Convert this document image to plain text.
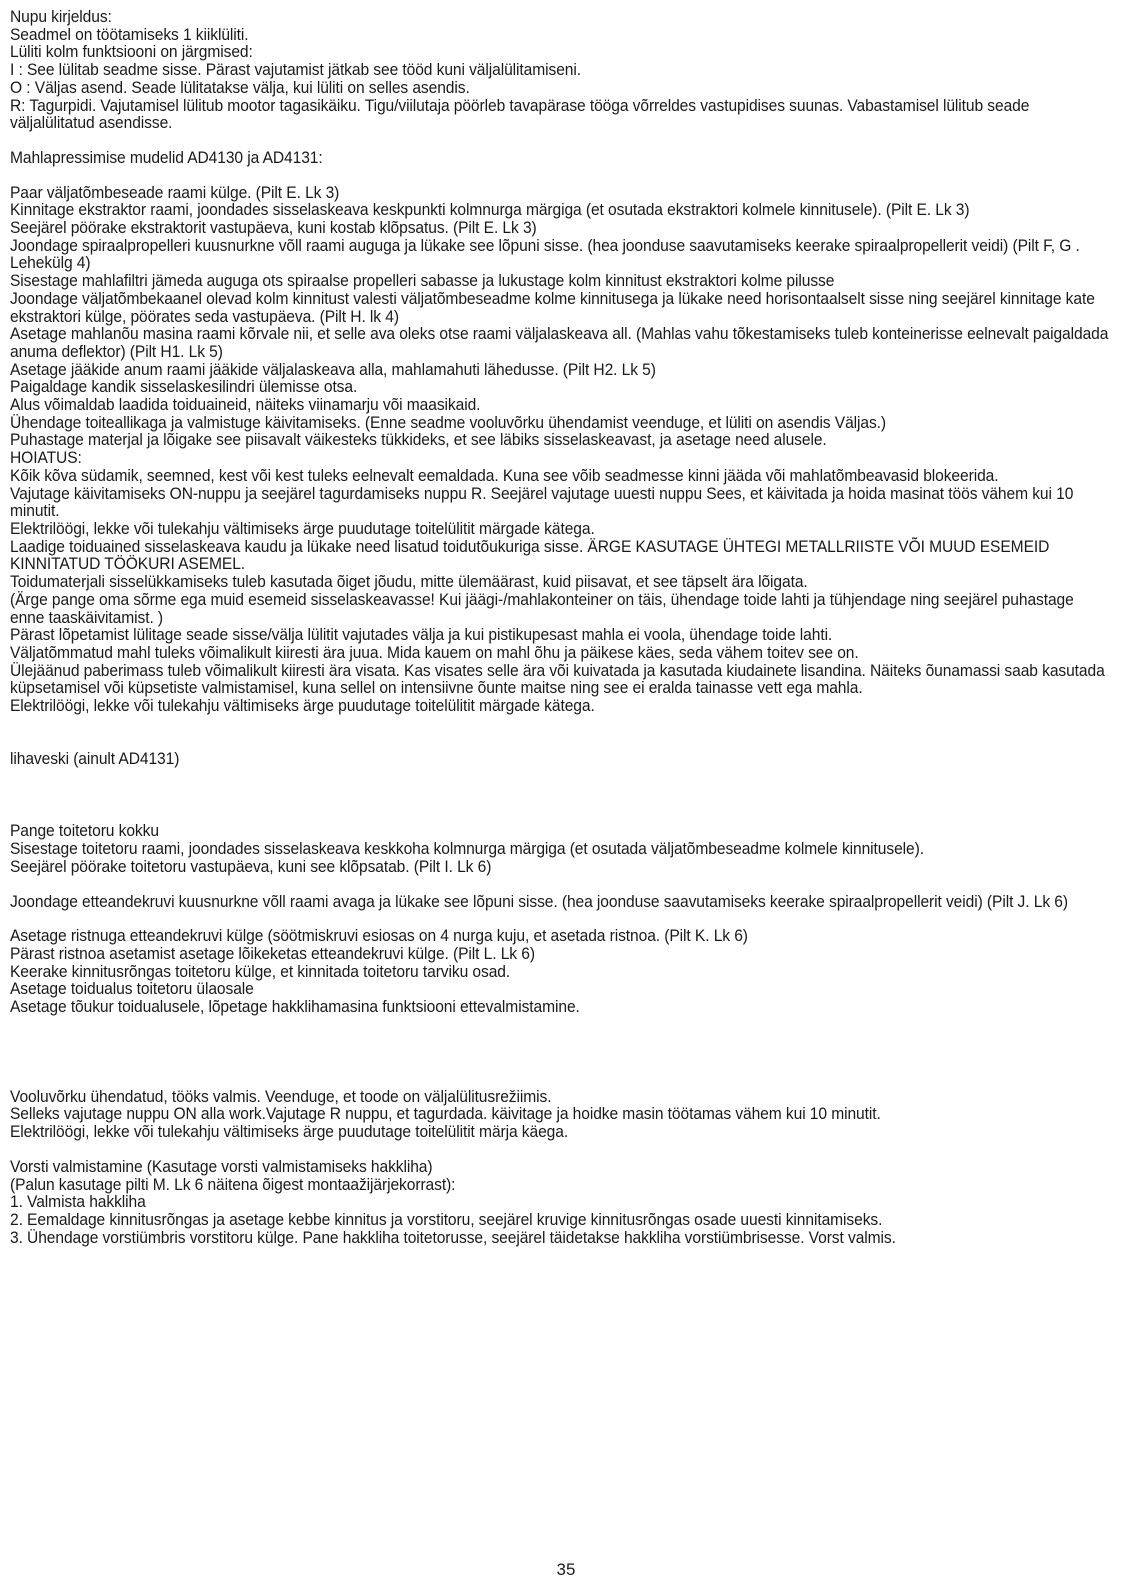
Nupu kirjeldus:
Seadmel on töötamiseks 1 kiiklüliti.
Lüliti kolm funktsiooni on järgmised:
I : See lülitab seadme sisse. Pärast vajutamist jätkab see tööd kuni väljalülitamiseni.
O : Väljas asend. Seade lülitatakse välja, kui lüliti on selles asendis.
R: Tagurpidi. Vajutamisel lülitub mootor tagasikäiku. Tigu/viilutaja pöörleb tavapärase tööga võrreldes vastupidises suunas. Vabastamisel lülitub seade väljalülitatud asendisse.
Mahlapressimise mudelid AD4130 ja AD4131:
Paar väljatõmbeseade raami külge. (Pilt E. Lk 3)
Kinnitage ekstraktor raami, joondades sisselaskeava keskpunkti kolmnurga märgiga (et osutada ekstraktori kolmele kinnitusele). (Pilt E. Lk 3)
Seejärel pöörake ekstraktorit vastupäeva, kuni kostab klõpsatus. (Pilt E. Lk 3)
Joondage spiraalpropelleri kuusnurkne võll raami auguga ja lükake see lõpuni sisse. (hea joonduse saavutamiseks keerake spiraalpropellerit veidi) (Pilt F, G . Lehekülg 4)
Sisestage mahlafiltri jämeda auguga ots spiraalse propelleri sabasse ja lukustage kolm kinnitust ekstraktori kolme pilusse
Joondage väljatõmbekaanel olevad kolm kinnitust valesti väljatõmbeseadme kolme kinnitusega ja lükake need horisontaalselt sisse ning seejärel kinnitage kate ekstraktori külge, pöörates seda vastupäeva. (Pilt H. lk 4)
Asetage mahlanõu masina raami kõrvale nii, et selle ava oleks otse raami väljalaskeava all. (Mahlas vahu tõkestamiseks tuleb konteinerisse eelnevalt paigaldada anuma deflektor) (Pilt H1. Lk 5)
Asetage jääkide anum raami jääkide väljalaskeava alla, mahlamahuti lähedusse. (Pilt H2. Lk 5)
Paigaldage kandik sisselaskesilindri ülemisse otsa.
Alus võimaldab laadida toiduaineid, näiteks viinamarju või maasikaid.
Ühendage toiteallikaga ja valmistuge käivitamiseks. (Enne seadme vooluvõrku ühendamist veenduge, et lüliti on asendis Väljas.)
Puhastage materjal ja lõigake see piisavalt väikesteks tükkideks, et see läbiks sisselaskeavast, ja asetage need alusele.
HOIATUS:
Kõik kõva südamik, seemned, kest või kest tuleks eelnevalt eemaldada. Kuna see võib seadmesse kinni jääda või mahlatõmbeavasid blokeerida.
Vajutage käivitamiseks ON-nuppu ja seejärel tagurdamiseks nuppu R. Seejärel vajutage uuesti nuppu Sees, et käivitada ja hoida masinat töös vähem kui 10 minutit.
Elektrilöögi, lekke või tulekahju vältimiseks ärge puudutage toitelülitit märgade kätega.
Laadige toiduained sisselaskeava kaudu ja lükake need lisatud toidutõukuriga sisse. ÄRGE KASUTAGE ÜHTEGI METALLRIISTE VÕI MUUD ESEMEID KINNITATUD TÖÖKURI ASEMEL.
Toidumaterjali sisselükkamiseks tuleb kasutada õiget jõudu, mitte ülemäärast, kuid piisavat, et see täpselt ära lõigata.
(Ärge pange oma sõrme ega muid esemeid sisselaskeavasse! Kui jäägi-/mahlakonteiner on täis, ühendage toide lahti ja tühjendage ning seejärel puhastage enne taaskäivitamist. )
Pärast lõpetamist lülitage seade sisse/välja lülitit vajutades välja ja kui pistikupesast mahla ei voola, ühendage toide lahti.
Väljatõmmatud mahl tuleks võimalikult kiiresti ära juua. Mida kauem on mahl õhu ja päikese käes, seda vähem toitev see on.
Ülejäänud paberimass tuleb võimalikult kiiresti ära visata. Kas visates selle ära või kuivatada ja kasutada kiudainete lisandina. Näiteks õunamassi saab kasutada küpsetamisel või küpsetiste valmistamisel, kuna sellel on intensiivne õunte maitse ning see ei eralda tainasse vett ega mahla.
Elektrilöögi, lekke või tulekahju vältimiseks ärge puudutage toitelülitit märgade kätega.
lihaveski (ainult AD4131)
Pange toitetoru kokku
Sisestage toitetoru raami, joondades sisselaskeava keskkoha kolmnurga märgiga (et osutada väljatõmbeseadme kolmele kinnitusele).
Seejärel pöörake toitetoru vastupäeva, kuni see klõpsatab. (Pilt I. Lk 6)
Joondage etteandekruvi kuusnurkne võll raami avaga ja lükake see lõpuni sisse. (hea joonduse saavutamiseks keerake spiraalpropellerit veidi) (Pilt J. Lk 6)
Asetage ristnuga etteandekruvi külge (söötmiskruvi esiosas on 4 nurga kuju, et asetada ristnoa. (Pilt K. Lk 6)
Pärast ristnoa asetamist asetage lõikeketas etteandekruvi külge. (Pilt L. Lk 6)
Keerake kinnitusrõngas toitetoru külge, et kinnitada toitetoru tarviku osad.
Asetage toidualus toitetoru ülaosale
Asetage tõukur toidualusele, lõpetage hakklihamasina funktsiooni ettevalmistamine.
Vooluvõrku ühendatud, tööks valmis. Veenduge, et toode on väljalülitusrežiimis.
Selleks vajutage nuppu ON alla work.Vajutage R nuppu, et tagurdada. käivitage ja hoidke masin töötamas vähem kui 10 minutit.
Elektrilöögi, lekke või tulekahju vältimiseks ärge puudutage toitelülitit märja käega.
Vorsti valmistamine (Kasutage vorsti valmistamiseks hakkliha)
(Palun kasutage pilti M. Lk 6 näitena õigest montaažijärjekorrast):
1. Valmista hakkliha
2. Eemaldage kinnitusrõngas ja asetage kebbe kinnitus ja vorstitoru, seejärel kruvige kinnitusrõngas osade uuesti kinnitamiseks.
3. Ühendage vorstiümbris vorstitoru külge. Pane hakkliha toitetorusse, seejärel täidetakse hakkliha vorstiümbrisesse. Vorst valmis.
35
